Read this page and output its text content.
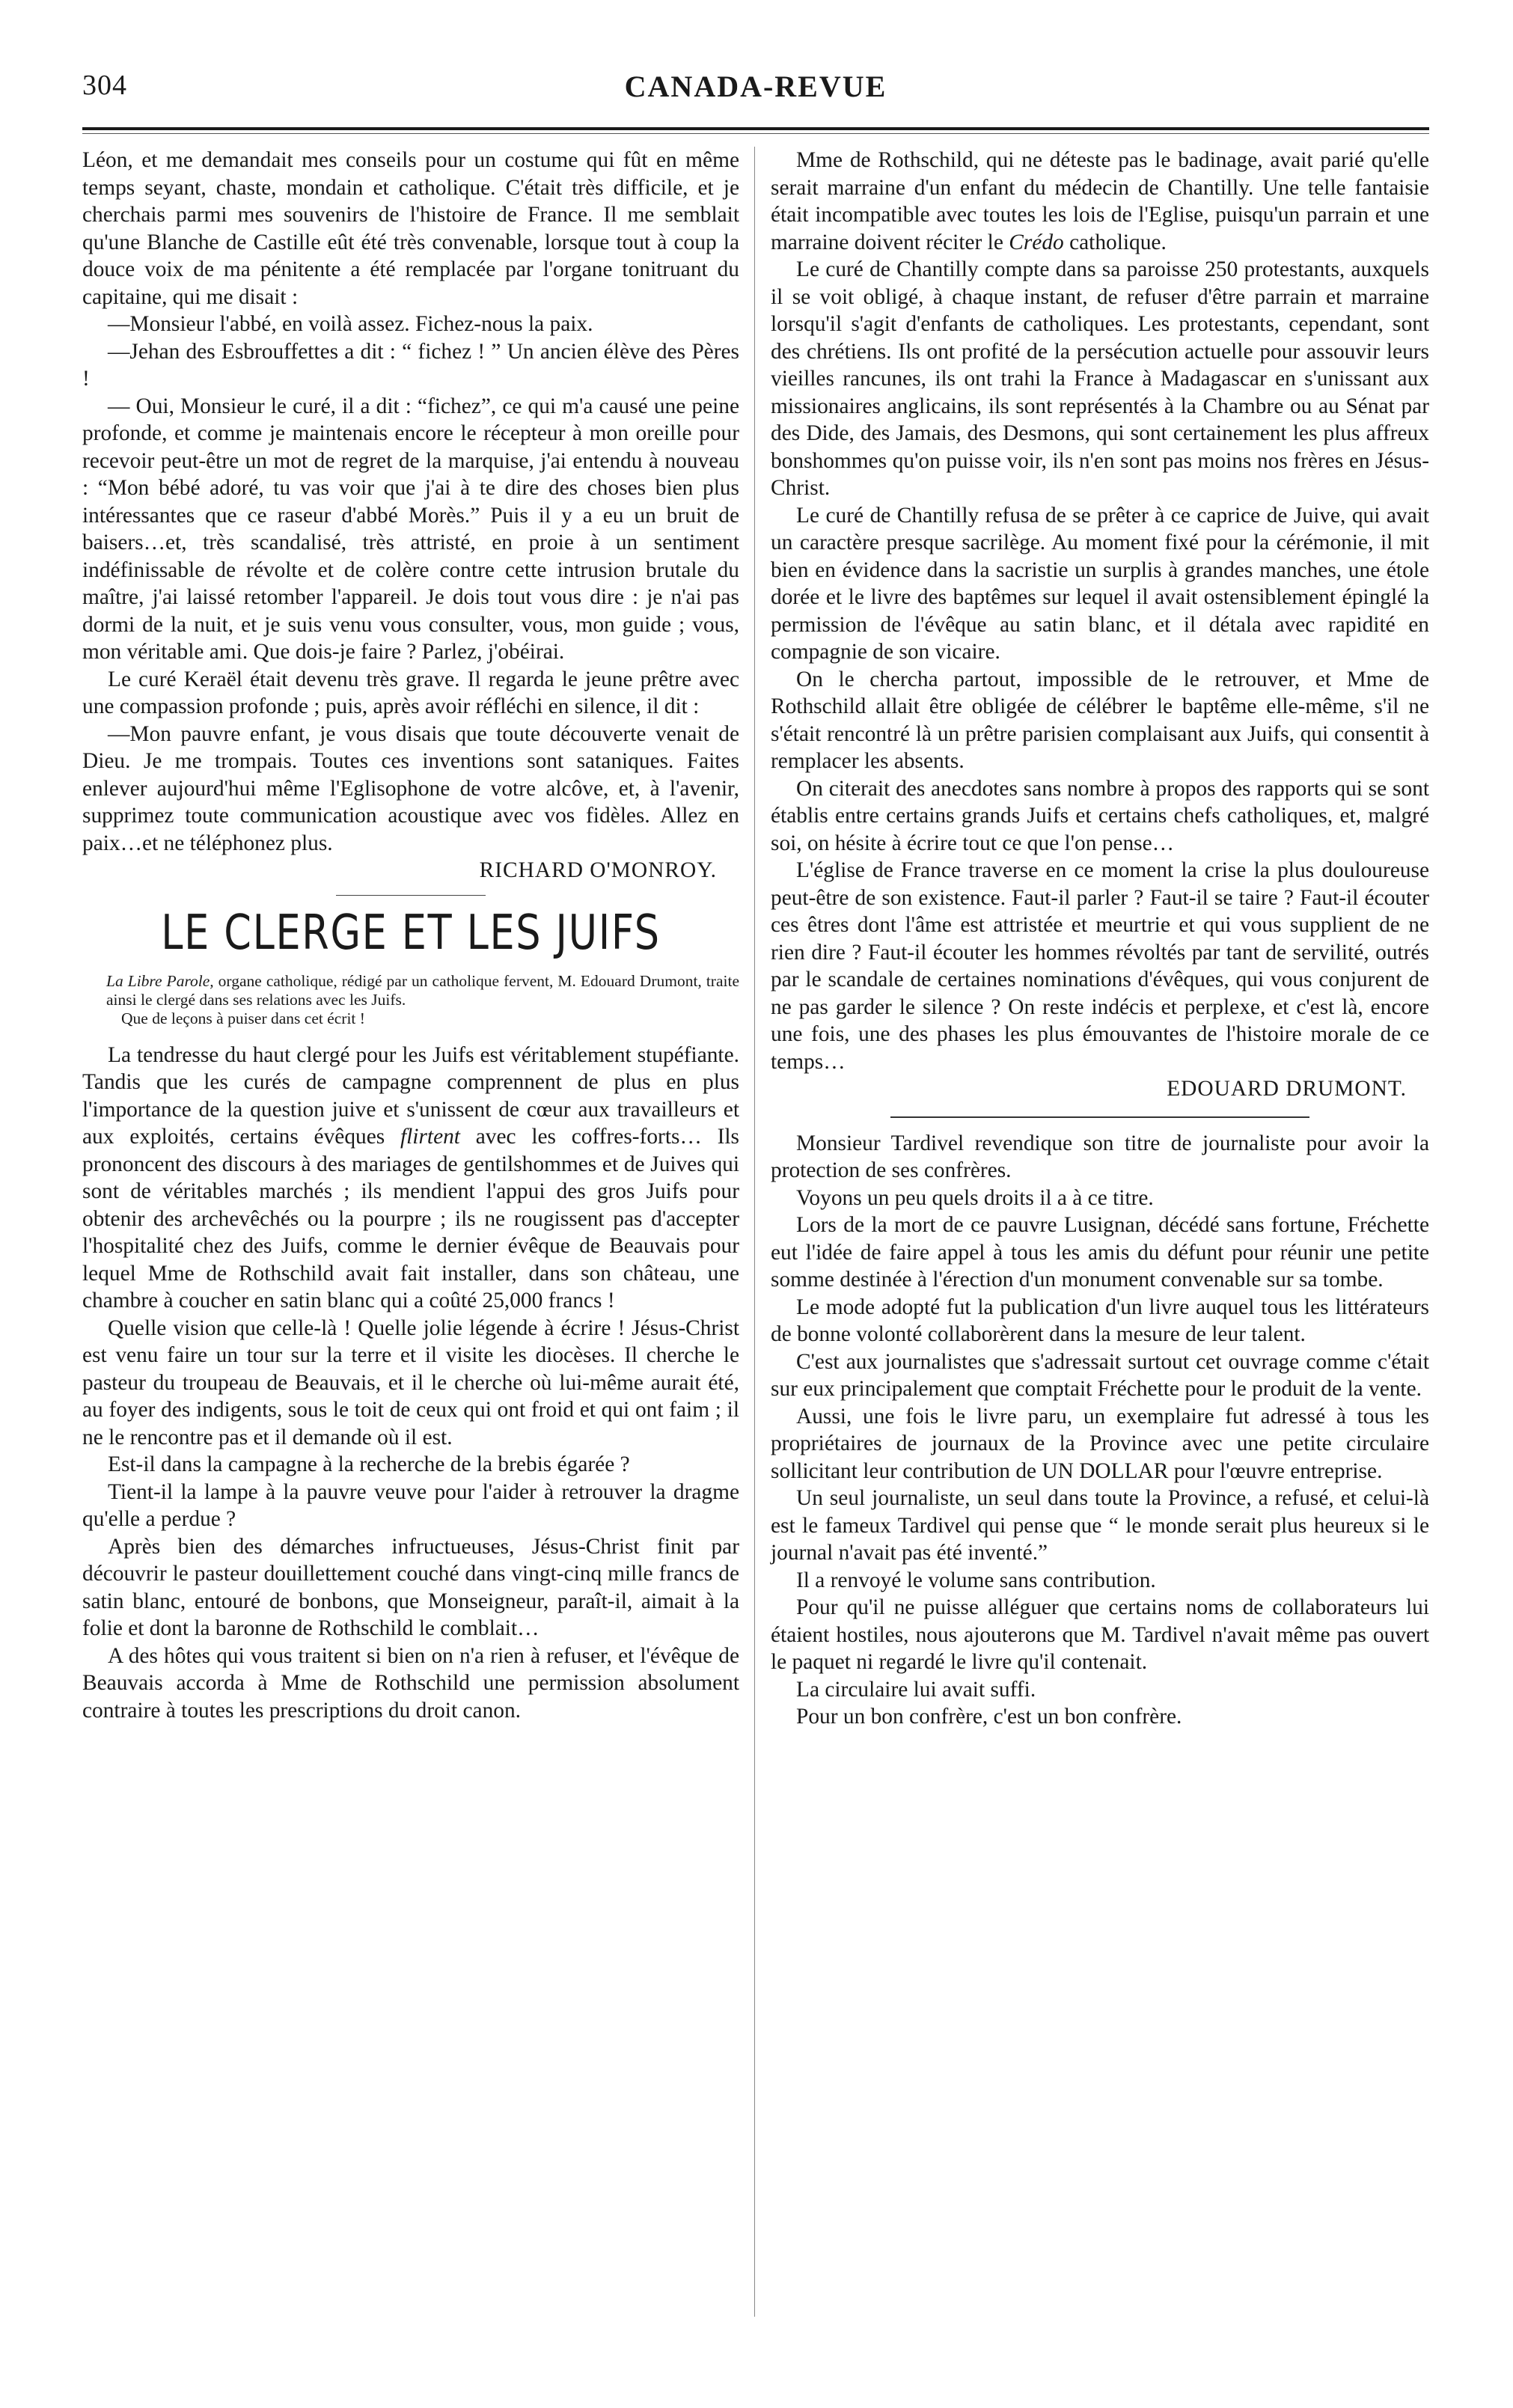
304	CANADA-REVUE

Léon, et me demandait mes conseils pour un costume qui fût en même temps seyant, chaste, mondain et catholique. C'était très difficile, et je cherchais parmi mes souvenirs de l'histoire de France. Il me semblait qu'une Blanche de Castille eût été très convenable, lorsque tout à coup la douce voix de ma pénitente a été remplacée par l'organe tonitruant du capitaine, qui me disait :

—Monsieur l'abbé, en voilà assez. Fichez-nous la paix.

—Jehan des Esbrouffettes a dit : “ fichez ! ” Un ancien élève des Pères !

— Oui, Monsieur le curé, il a dit : “fichez”, ce qui m'a causé une peine profonde, et comme je maintenais encore le récepteur à mon oreille pour recevoir peut-être un mot de regret de la marquise, j'ai entendu à nouveau : “Mon bébé adoré, tu vas voir que j'ai à te dire des choses bien plus intéressantes que ce raseur d'abbé Morès.” Puis il y a eu un bruit de baisers…et, très scandalisé, très attristé, en proie à un sentiment indéfinissable de révolte et de colère contre cette intrusion brutale du maître, j'ai laissé retomber l'appareil. Je dois tout vous dire : je n'ai pas dormi de la nuit, et je suis venu vous consulter, vous, mon guide ; vous, mon véritable ami. Que dois-je faire ? Parlez, j'obéirai.

Le curé Keraël était devenu très grave. Il regarda le jeune prêtre avec une compassion profonde ; puis, après avoir réfléchi en silence, il dit :

—Mon pauvre enfant, je vous disais que toute découverte venait de Dieu. Je me trompais. Toutes ces inventions sont sataniques. Faites enlever aujourd'hui même l'Eglisophone de votre alcôve, et, à l'avenir, supprimez toute communication acoustique avec vos fidèles. Allez en paix…et ne téléphonez plus.

RICHARD O'MONROY.

LE CLERGE ET LES JUIFS

La Libre Parole, organe catholique, rédigé par un catholique fervent, M. Edouard Drumont, traite ainsi le clergé dans ses relations avec les Juifs.

Que de leçons à puiser dans cet écrit !

La tendresse du haut clergé pour les Juifs est véritablement stupéfiante. Tandis que les curés de campagne comprennent de plus en plus l'importance de la question juive et s'unissent de cœur aux travailleurs et aux exploités, certains évêques flirtent avec les coffres-forts… Ils prononcent des discours à des mariages de gentilshommes et de Juives qui sont de véritables marchés ; ils mendient l'appui des gros Juifs pour obtenir des archevêchés ou la pourpre ; ils ne rougissent pas d'accepter l'hospitalité chez des Juifs, comme le dernier évêque de Beauvais pour lequel Mme de Rothschild avait fait installer, dans son château, une chambre à coucher en satin blanc qui a coûté 25,000 francs !

Quelle vision que celle-là ! Quelle jolie légende à écrire ! Jésus-Christ est venu faire un tour sur la terre et il visite les diocèses. Il cherche le pasteur du troupeau de Beauvais, et il le cherche où lui-même aurait été, au foyer des indigents, sous le toit de ceux qui ont froid et qui ont faim ; il ne le rencontre pas et il demande où il est.

Est-il dans la campagne à la recherche de la brebis égarée ?

Tient-il la lampe à la pauvre veuve pour l'aider à retrouver la dragme qu'elle a perdue ?

Après bien des démarches infructueuses, Jésus-Christ finit par découvrir le pasteur douillettement couché dans vingt-cinq mille francs de satin blanc, entouré de bonbons, que Monseigneur, paraît-il, aimait à la folie et dont la baronne de Rothschild le comblait…

A des hôtes qui vous traitent si bien on n'a rien à refuser, et l'évêque de Beauvais accorda à Mme de Rothschild une permission absolument contraire à toutes les prescriptions du droit canon.

Mme de Rothschild, qui ne déteste pas le badinage, avait parié qu'elle serait marraine d'un enfant du médecin de Chantilly. Une telle fantaisie était incompatible avec toutes les lois de l'Eglise, puisqu'un parrain et une marraine doivent réciter le Crédo catholique.

Le curé de Chantilly compte dans sa paroisse 250 protestants, auxquels il se voit obligé, à chaque instant, de refuser d'être parrain et marraine lorsqu'il s'agit d'enfants de catholiques. Les protestants, cependant, sont des chrétiens. Ils ont profité de la persécution actuelle pour assouvir leurs vieilles rancunes, ils ont trahi la France à Madagascar en s'unissant aux missionaires anglicains, ils sont représentés à la Chambre ou au Sénat par des Dide, des Jamais, des Desmons, qui sont certainement les plus affreux bonshommes qu'on puisse voir, ils n'en sont pas moins nos frères en Jésus-Christ.

Le curé de Chantilly refusa de se prêter à ce caprice de Juive, qui avait un caractère presque sacrilège. Au moment fixé pour la cérémonie, il mit bien en évidence dans la sacristie un surplis à grandes manches, une étole dorée et le livre des baptêmes sur lequel il avait ostensiblement épinglé la permission de l'évêque au satin blanc, et il détala avec rapidité en compagnie de son vicaire.

On le chercha partout, impossible de le retrouver, et Mme de Rothschild allait être obligée de célébrer le baptême elle-même, s'il ne s'était rencontré là un prêtre parisien complaisant aux Juifs, qui consentit à remplacer les absents.

On citerait des anecdotes sans nombre à propos des rapports qui se sont établis entre certains grands Juifs et certains chefs catholiques, et, malgré soi, on hésite à écrire tout ce que l'on pense…

L'église de France traverse en ce moment la crise la plus douloureuse peut-être de son existence. Faut-il parler ? Faut-il se taire ? Faut-il écouter ces êtres dont l'âme est attristée et meurtrie et qui vous supplient de ne rien dire ? Faut-il écouter les hommes révoltés par tant de servilité, outrés par le scandale de certaines nominations d'évêques, qui vous conjurent de ne pas garder le silence ? On reste indécis et perplexe, et c'est là, encore une fois, une des phases les plus émouvantes de l'histoire morale de ce temps…

EDOUARD DRUMONT.

Monsieur Tardivel revendique son titre de journaliste pour avoir la protection de ses confrères.

Voyons un peu quels droits il a à ce titre.

Lors de la mort de ce pauvre Lusignan, décédé sans fortune, Fréchette eut l'idée de faire appel à tous les amis du défunt pour réunir une petite somme destinée à l'érection d'un monument convenable sur sa tombe.

Le mode adopté fut la publication d'un livre auquel tous les littérateurs de bonne volonté collaborèrent dans la mesure de leur talent.

C'est aux journalistes que s'adressait surtout cet ouvrage comme c'était sur eux principalement que comptait Fréchette pour le produit de la vente.

Aussi, une fois le livre paru, un exemplaire fut adressé à tous les propriétaires de journaux de la Province avec une petite circulaire sollicitant leur contribution de UN DOLLAR pour l'œuvre entreprise.

Un seul journaliste, un seul dans toute la Province, a refusé, et celui-là est le fameux Tardivel qui pense que “ le monde serait plus heureux si le journal n'avait pas été inventé.”

Il a renvoyé le volume sans contribution.

Pour qu'il ne puisse alléguer que certains noms de collaborateurs lui étaient hostiles, nous ajouterons que M. Tardivel n'avait même pas ouvert le paquet ni regardé le livre qu'il contenait.

La circulaire lui avait suffi.

Pour un bon confrère, c'est un bon confrère.
